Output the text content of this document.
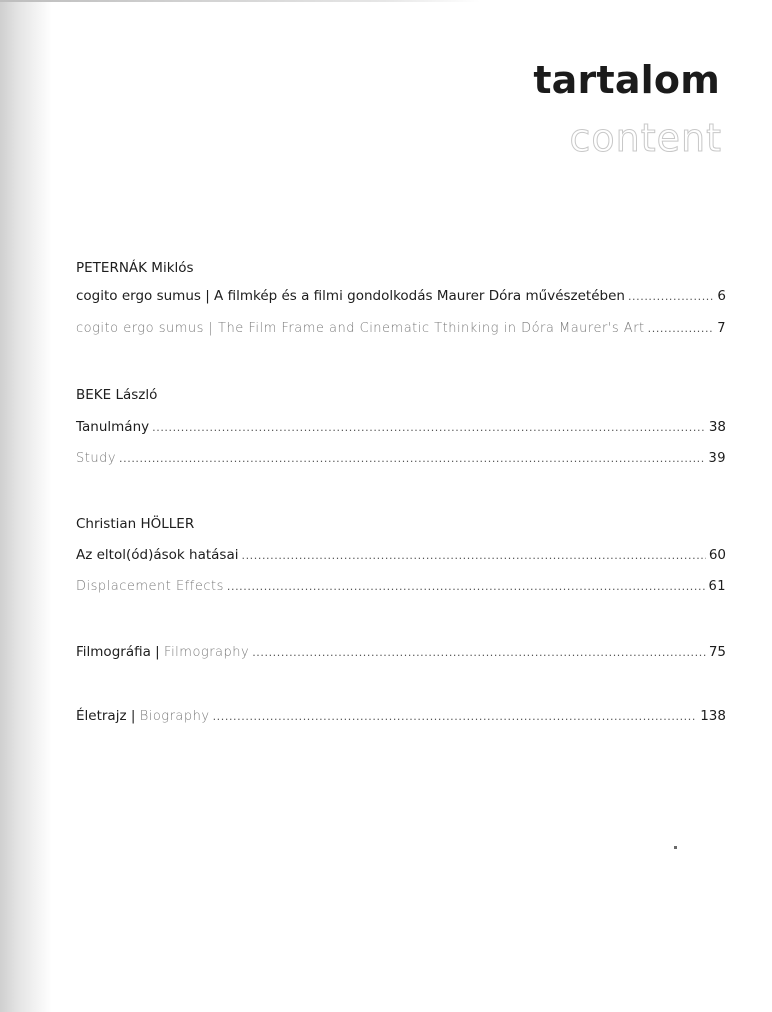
tartalom
content
PETERNÁK Miklós
cogito ergo sumus | A filmkép és a filmi gondolkodás Maurer Dóra művészetében .....	6
cogito ergo sumus | The Film Frame and Cinematic Tthinking in Dóra Maurer's Art .....	7
BEKE László
Tanulmány .....	38
Study .....	39
Christian HÖLLER
Az eltol(ód)ások hatásai .....	60
Displacement Effects .....	61
Filmográfia | Filmography .....	75
Életrajz | Biography .....	138
